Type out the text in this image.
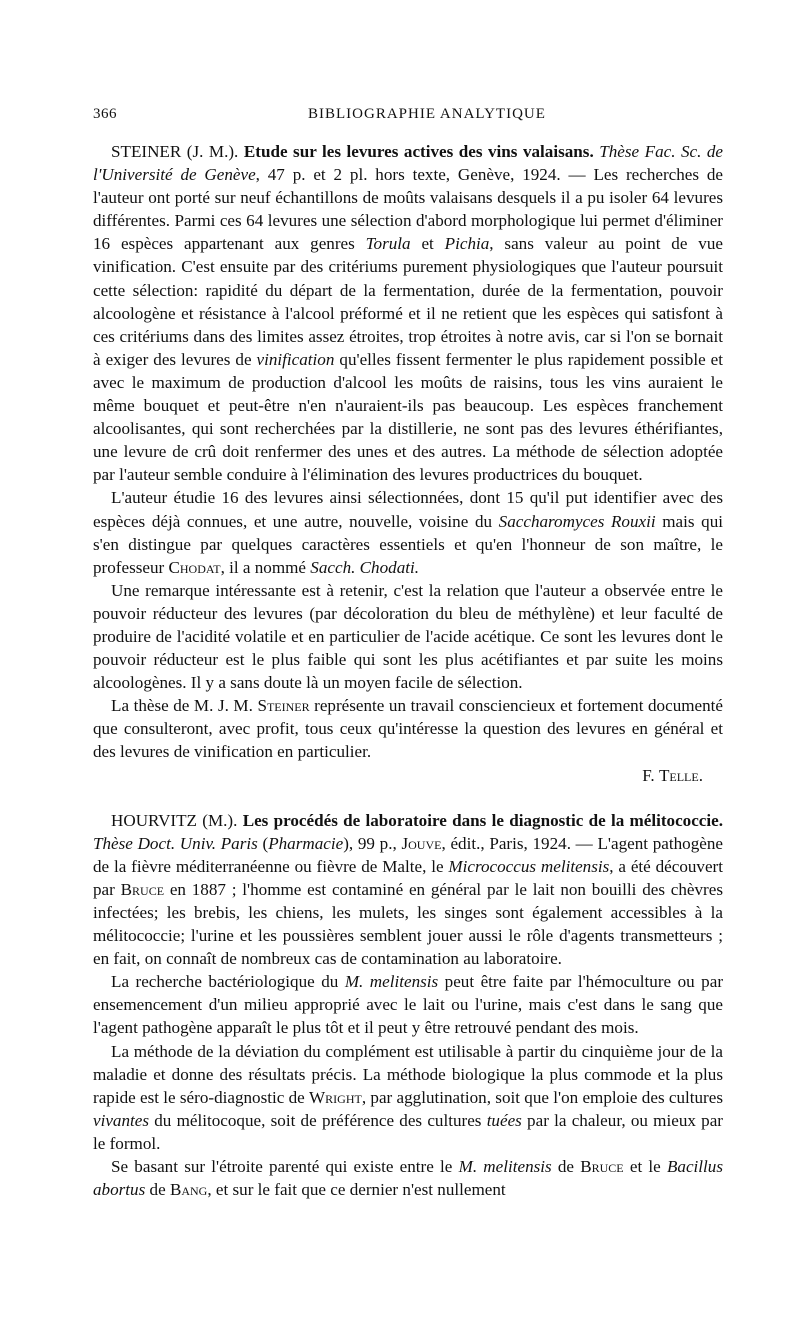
366	BIBLIOGRAPHIE ANALYTIQUE

STEINER (J. M.). Etude sur les levures actives des vins valaisans. Thèse Fac. Sc. de l'Université de Genève, 47 p. et 2 pl. hors texte, Genève, 1924. — Les recherches de l'auteur ont porté sur neuf échantillons de moûts valaisans desquels il a pu isoler 64 levures différentes. Parmi ces 64 levures une sélection d'abord morphologique lui permet d'éliminer 16 espèces appartenant aux genres Torula et Pichia, sans valeur au point de vue vinification. C'est ensuite par des critériums purement physiologiques que l'auteur poursuit cette sélection: rapidité du départ de la fermentation, durée de la fermentation, pouvoir alcoologène et résistance à l'alcool préformé et il ne retient que les espèces qui satisfont à ces critériums dans des limites assez étroites, trop étroites à notre avis, car si l'on se bornait à exiger des levures de vinification qu'elles fissent fermenter le plus rapidement possible et avec le maximum de production d'alcool les moûts de raisins, tous les vins auraient le même bouquet et peut-être n'en n'auraient-ils pas beaucoup. Les espèces franchement alcoolisantes, qui sont recherchées par la distillerie, ne sont pas des levures éthérifiantes, une levure de crû doit renfermer des unes et des autres. La méthode de sélection adoptée par l'auteur semble conduire à l'élimination des levures productrices du bouquet.

L'auteur étudie 16 des levures ainsi sélectionnées, dont 15 qu'il put identifier avec des espèces déjà connues, et une autre, nouvelle, voisine du Saccharomyces Rouxii mais qui s'en distingue par quelques caractères essentiels et qu'en l'honneur de son maître, le professeur Chodat, il a nommé Sacch. Chodati.

Une remarque intéressante est à retenir, c'est la relation que l'auteur a observée entre le pouvoir réducteur des levures (par décoloration du bleu de méthylène) et leur faculté de produire de l'acidité volatile et en particulier de l'acide acétique. Ce sont les levures dont le pouvoir réducteur est le plus faible qui sont les plus acétifiantes et par suite les moins alcoologènes. Il y a sans doute là un moyen facile de sélection.

La thèse de M. J. M. Steiner représente un travail consciencieux et fortement documenté que consulteront, avec profit, tous ceux qu'intéresse la question des levures en général et des levures de vinification en particulier.

F. Telle.

HOURVITZ (M.). Les procédés de laboratoire dans le diagnostic de la mélitococcie. Thèse Doct. Univ. Paris (Pharmacie), 99 p., Jouve, édit., Paris, 1924. — L'agent pathogène de la fièvre méditerranéenne ou fièvre de Malte, le Micrococcus melitensis, a été découvert par Bruce en 1887 ; l'homme est contaminé en général par le lait non bouilli des chèvres infectées; les brebis, les chiens, les mulets, les singes sont également accessibles à la mélitococcie; l'urine et les poussières semblent jouer aussi le rôle d'agents transmetteurs ; en fait, on connaît de nombreux cas de contamination au laboratoire.

La recherche bactériologique du M. melitensis peut être faite par l'hémoculture ou par ensemencement d'un milieu approprié avec le lait ou l'urine, mais c'est dans le sang que l'agent pathogène apparaît le plus tôt et il peut y être retrouvé pendant des mois.

La méthode de la déviation du complément est utilisable à partir du cinquième jour de la maladie et donne des résultats précis. La méthode biologique la plus commode et la plus rapide est le séro-diagnostic de Wright, par agglutination, soit que l'on emploie des cultures vivantes du mélitocoque, soit de préférence des cultures tuées par la chaleur, ou mieux par le formol.

Se basant sur l'étroite parenté qui existe entre le M. melitensis de Bruce et le Bacillus abortus de Bang, et sur le fait que ce dernier n'est nullement
